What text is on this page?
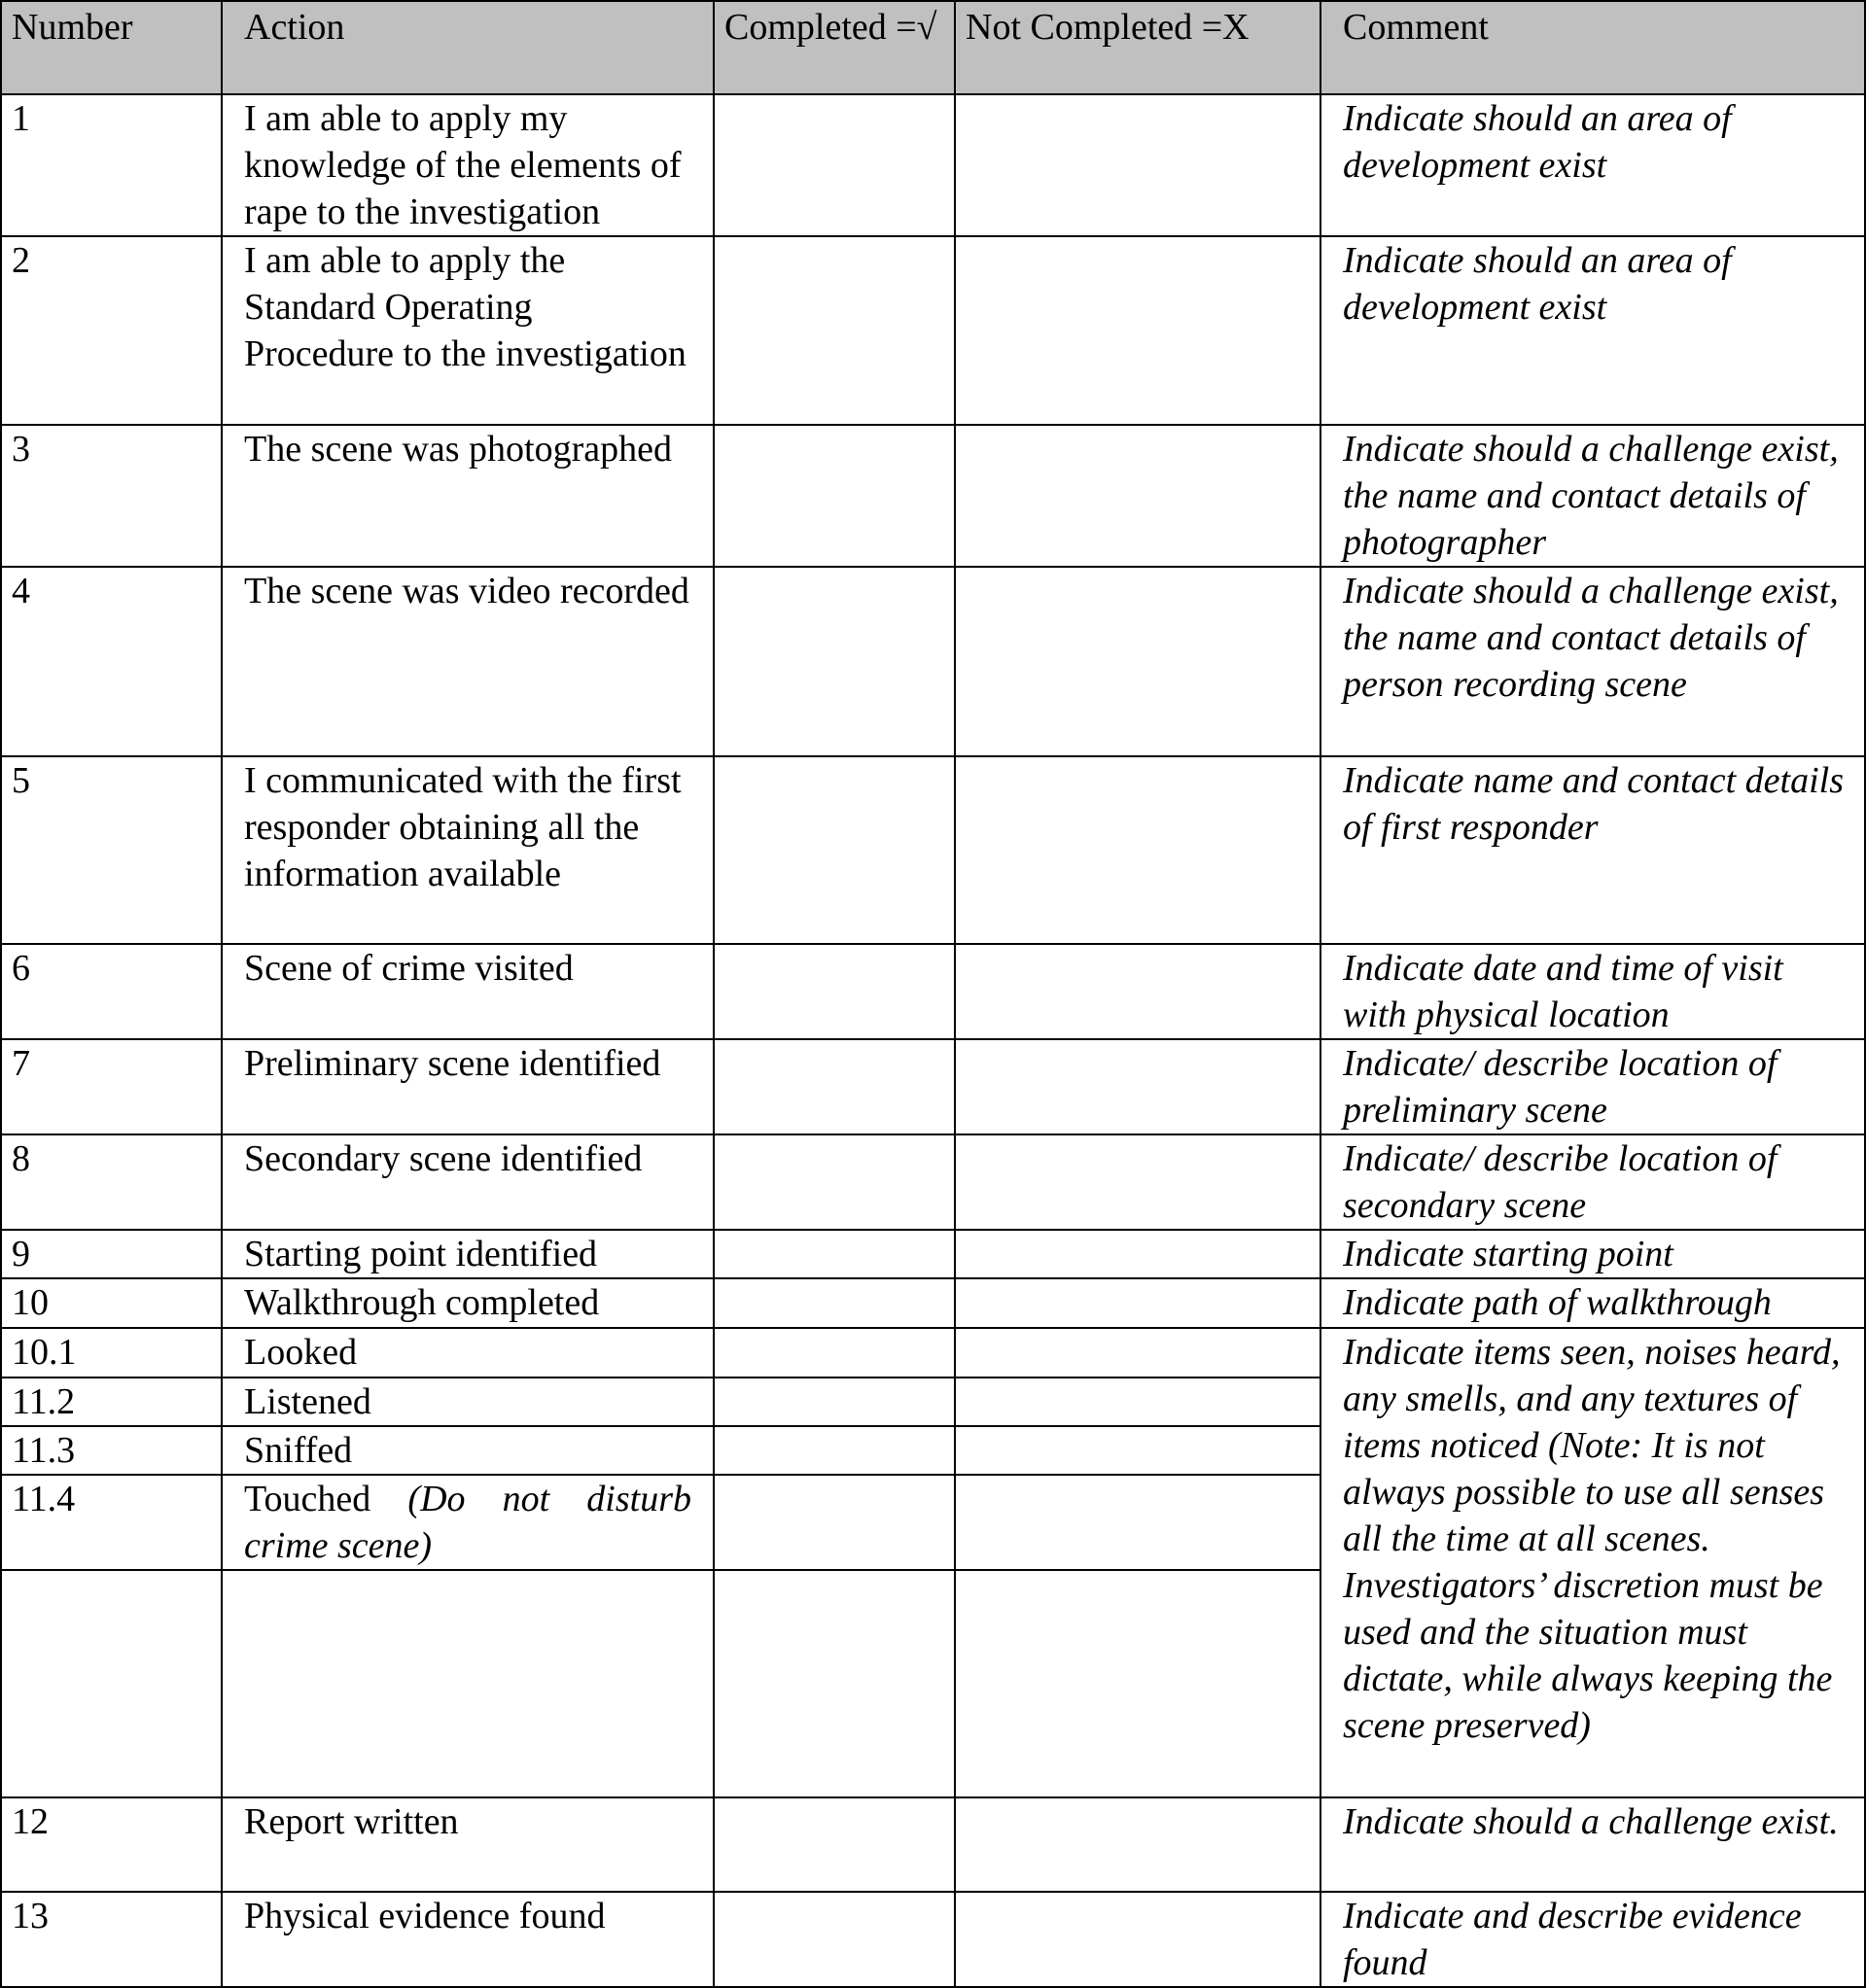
Number	Action	Completed =√	Not Completed =X	Comment
1	I am able to apply my knowledge of the elements of rape to the investigation			Indicate should an area of development exist
2	I am able to apply the Standard Operating Procedure to the investigation			Indicate should an area of development exist
3	The scene was photographed			Indicate should a challenge exist, the name and contact details of photographer
4	The scene was video recorded			Indicate should a challenge exist, the name and contact details of person recording scene
5	I communicated with the first responder obtaining all the information available			Indicate name and contact details of first responder
6	Scene of crime visited			Indicate date and time of visit with physical location
7	Preliminary scene identified			Indicate/ describe location of preliminary scene
8	Secondary scene identified			Indicate/ describe location of secondary scene
9	Starting point identified			Indicate starting point
10	Walkthrough completed			Indicate path of walkthrough
10.1	Looked			Indicate items seen, noises heard, any smells, and any textures of items noticed (Note: It is not always possible to use all senses all the time at all scenes. Investigators’ discretion must be used and the situation must dictate, while always keeping the scene preserved)
11.2	Listened			
11.3	Sniffed			
11.4	Touched (Do not disturb crime scene)			

12	Report written			Indicate should a challenge exist.
13	Physical evidence found			Indicate and describe evidence found
